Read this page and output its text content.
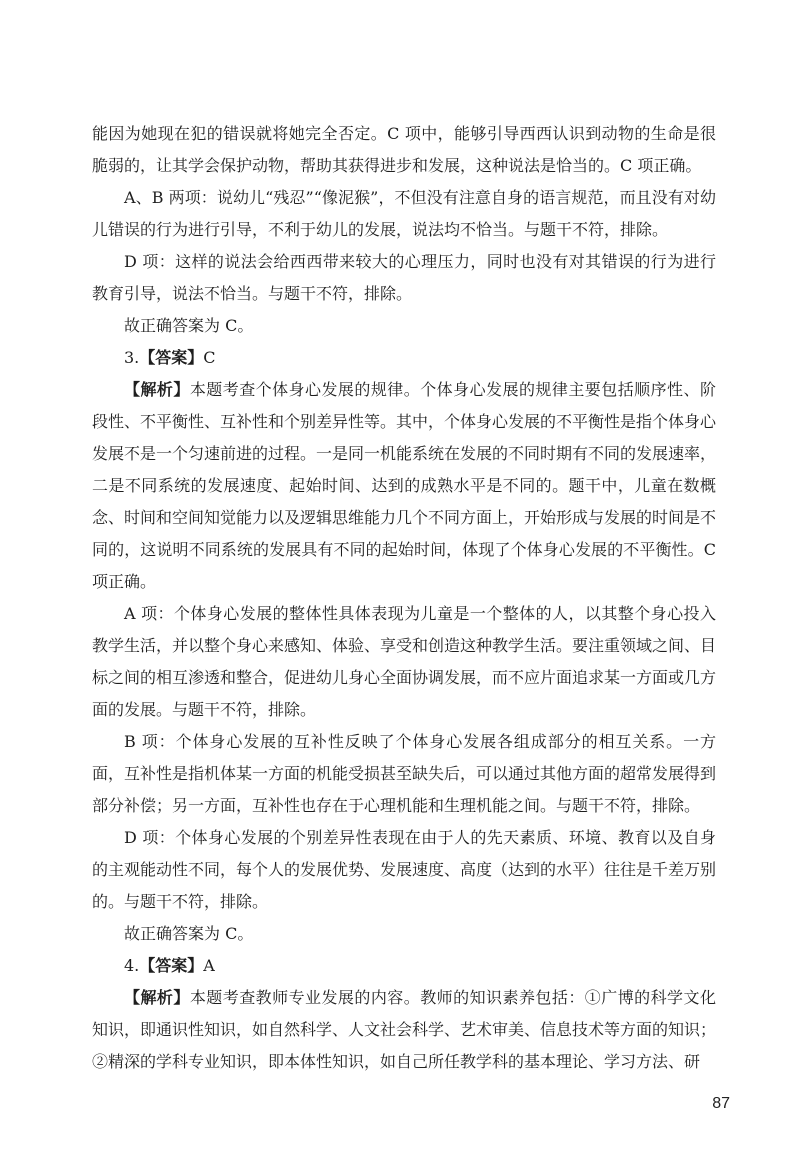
能因为她现在犯的错误就将她完全否定。C 项中，能够引导西西认识到动物的生命是很脆弱的，让其学会保护动物，帮助其获得进步和发展，这种说法是恰当的。C 项正确。

A、B 两项：说幼儿“残忍”“像泥猴”，不但没有注意自身的语言规范，而且没有对幼儿错误的行为进行引导，不利于幼儿的发展，说法均不恰当。与题干不符，排除。

D 项：这样的说法会给西西带来较大的心理压力，同时也没有对其错误的行为进行教育引导，说法不恰当。与题干不符，排除。

故正确答案为 C。

3.【答案】C

【解析】本题考查个体身心发展的规律。个体身心发展的规律主要包括顺序性、阶段性、不平衡性、互补性和个别差异性等。其中，个体身心发展的不平衡性是指个体身心发展不是一个匀速前进的过程。一是同一机能系统在发展的不同时期有不同的发展速率，二是不同系统的发展速度、起始时间、达到的成熟水平是不同的。题干中，儿童在数概念、时间和空间知觉能力以及逻辑思维能力几个不同方面上，开始形成与发展的时间是不同的，这说明不同系统的发展具有不同的起始时间，体现了个体身心发展的不平衡性。C 项正确。

A 项：个体身心发展的整体性具体表现为儿童是一个整体的人，以其整个身心投入教学生活，并以整个身心来感知、体验、享受和创造这种教学生活。要注重领域之间、目标之间的相互渗透和整合，促进幼儿身心全面协调发展，而不应片面追求某一方面或几方面的发展。与题干不符，排除。

B 项：个体身心发展的互补性反映了个体身心发展各组成部分的相互关系。一方面，互补性是指机体某一方面的机能受损甚至缺失后，可以通过其他方面的超常发展得到部分补偿；另一方面，互补性也存在于心理机能和生理机能之间。与题干不符，排除。

D 项：个体身心发展的个别差异性表现在由于人的先天素质、环境、教育以及自身的主观能动性不同，每个人的发展优势、发展速度、高度（达到的水平）往往是千差万别的。与题干不符，排除。

故正确答案为 C。

4.【答案】A

【解析】本题考查教师专业发展的内容。教师的知识素养包括：①广博的科学文化知识，即通识性知识，如自然科学、人文社会科学、艺术审美、信息技术等方面的知识；②精深的学科专业知识，即本体性知识，如自己所任教学科的基本理论、学习方法、研

87
